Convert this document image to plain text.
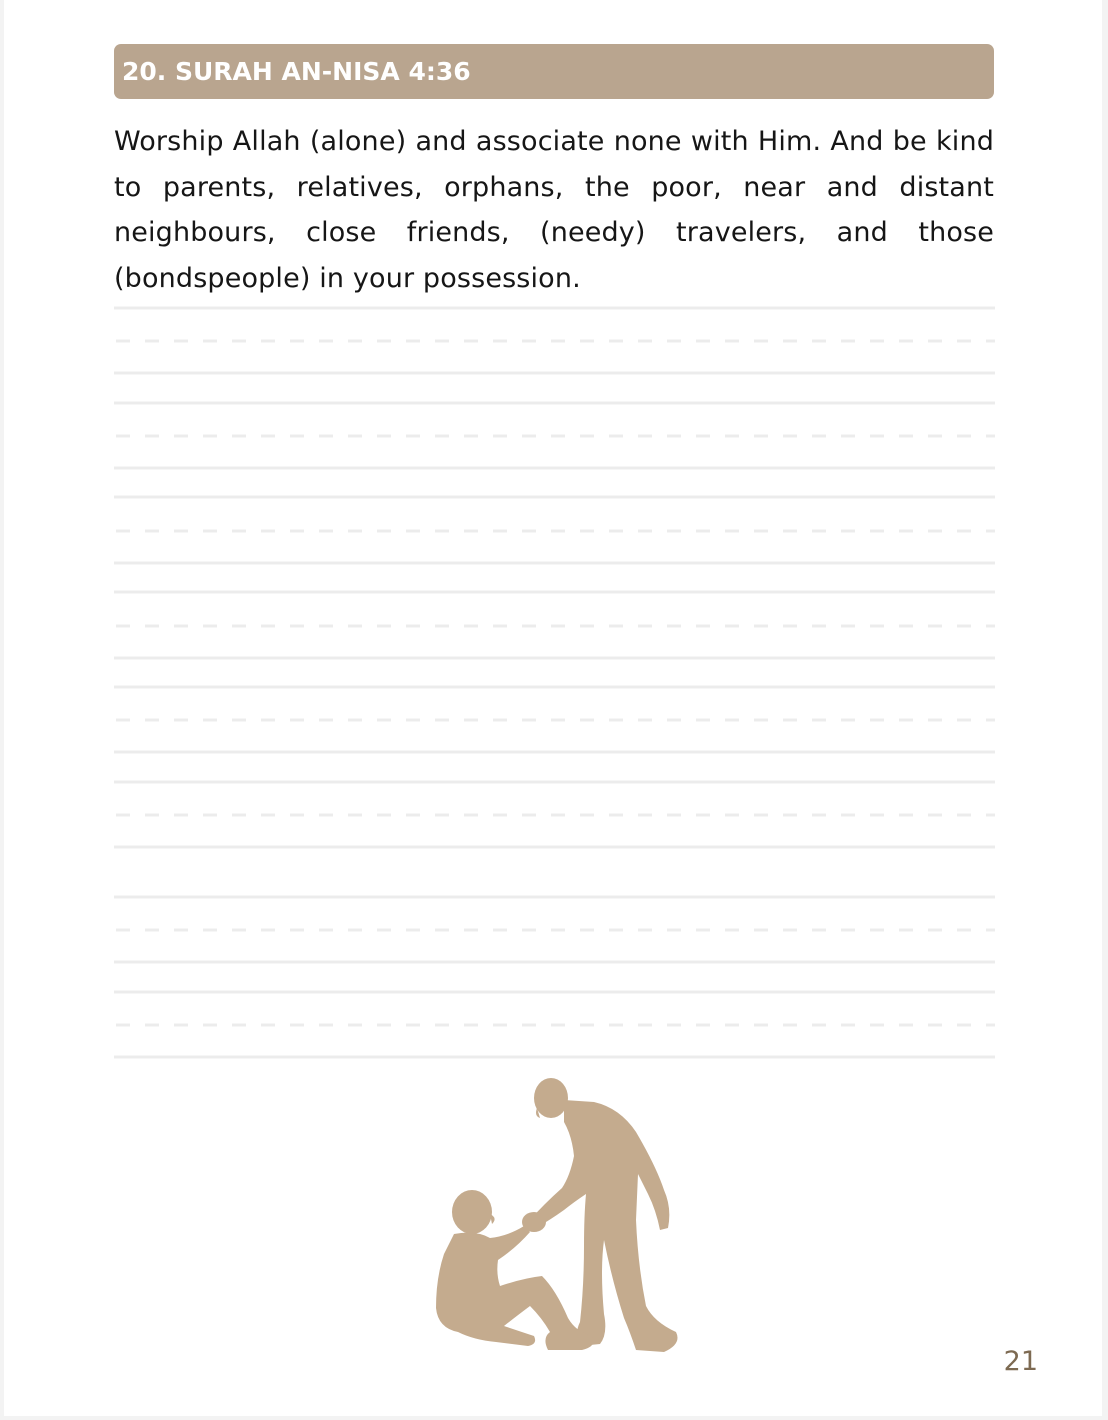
20. SURAH AN-NISA 4:36

Worship Allah (alone) and associate none with Him. And be kind to parents, relatives, orphans, the poor, near and distant neighbours, close friends, (needy) travelers, and those (bondspeople) in your possession.

21
